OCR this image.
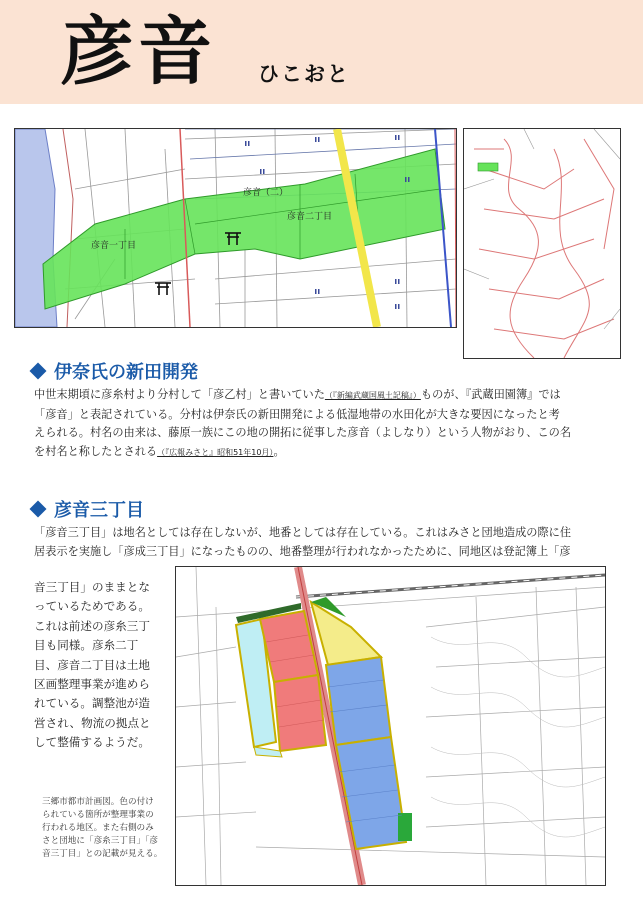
彦音 ひこおと
彦音一丁目
彦音二丁目
彦音（二）
伊奈氏の新田開発
中世末期頃に彦糸村より分村して「彦乙村」と書いていた（『新編武蔵国風土記稿』）ものが、『武蔵田園簿』では
「彦音」と表記されている。分村は伊奈氏の新田開発による低湿地帯の水田化が大きな要因になったと考
えられる。村名の由来は、藤原一族にこの地の開拓に従事した彦音（よしなり）という人物がおり、この名
を村名と称したとされる（『広報みさと』昭和51年10月）。
彦音三丁目
「彦音三丁目」は地名としては存在しないが、地番としては存在している。これはみさと団地造成の際に住
居表示を実施し「彦成三丁目」になったものの、地番整理が行われなかったために、同地区は登記簿上「彦
音三丁目」のままとな
っているためである。
これは前述の彦糸三丁
目も同様。彦糸二丁
目、彦音二丁目は土地
区画整理事業が進めら
れている。調整池が造
営され、物流の拠点と
して整備するようだ。
三郷市都市計画図。色の付け
られている箇所が整理事業の
行われる地区。また右側のみ
さと団地に「彦糸三丁目」「彦
音三丁目」との記載が見える。
